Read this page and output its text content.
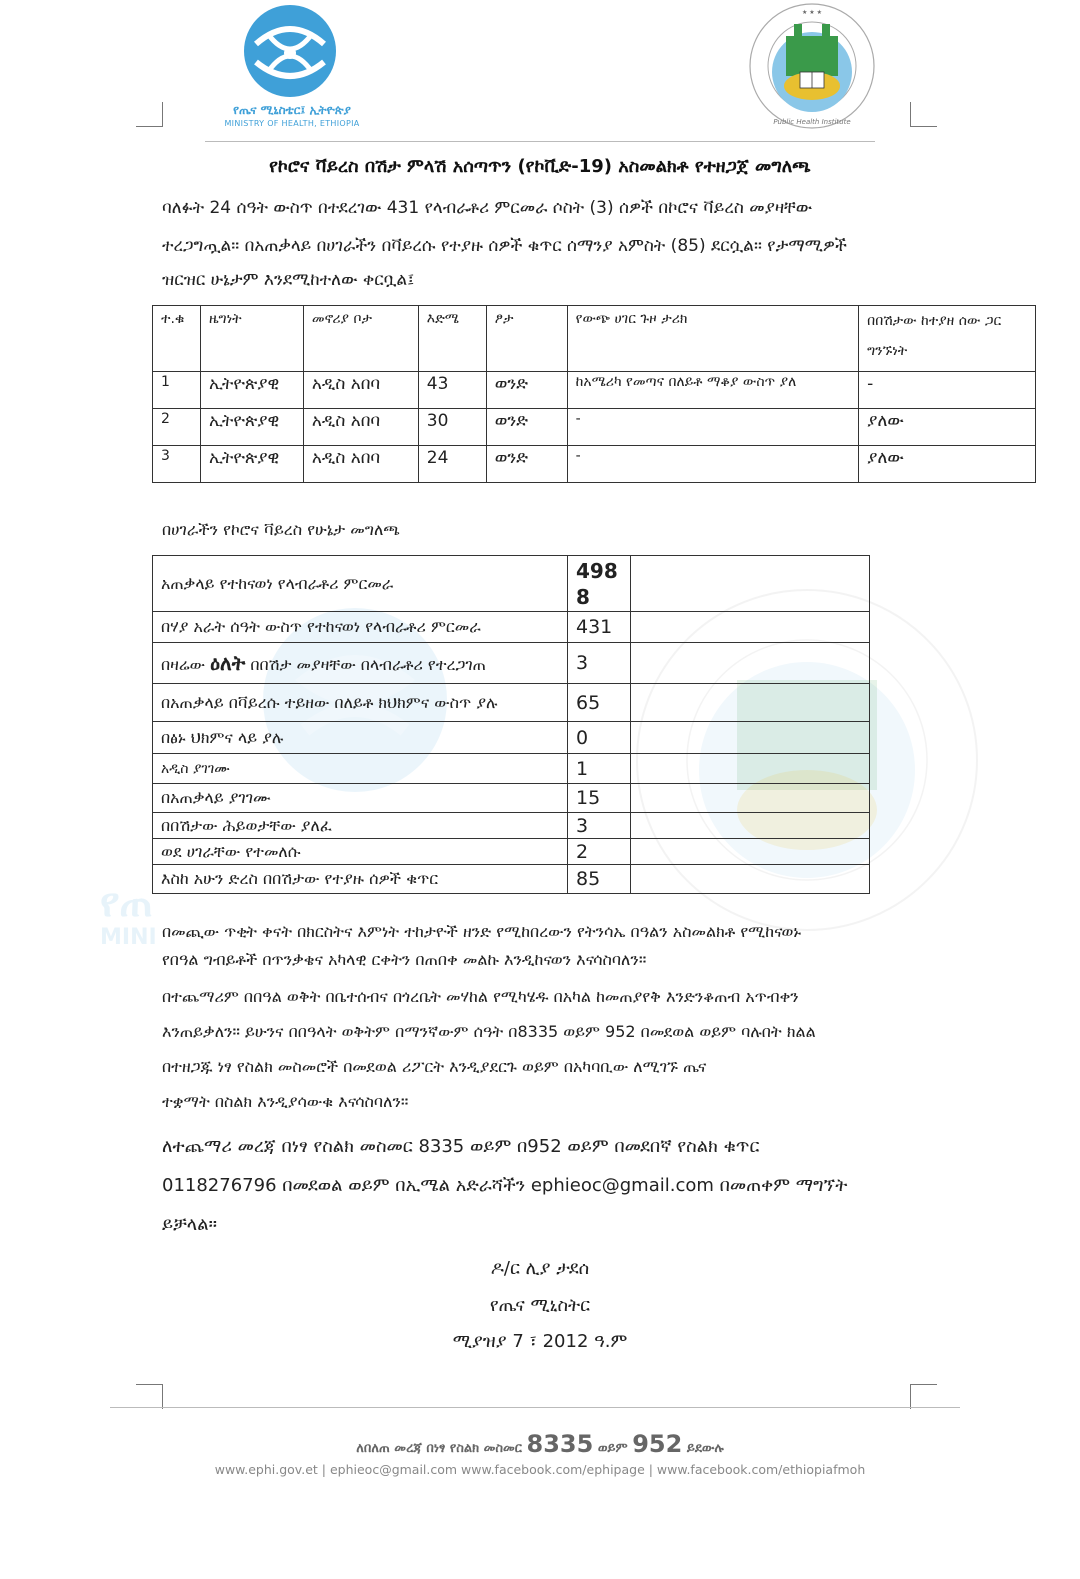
የጠ
MINI
የጤና ሚኒስቴር፤ ኢትዮጵያ
MINISTRY OF HEALTH, ETHIOPIA
★ ★ ★
Public Health Institute
የኮሮና ቫይረስ በሽታ ምላሽ አሰጣጥን (የኮቪድ-19) አስመልክቶ የተዘጋጀ መግለጫ
ባለፉት 24 ሰዓት ውስጥ በተደረገው 431 የላብራቶሪ ምርመራ ሶስት (3) ሰዎች በኮሮና ቫይረስ መያዛቸው
ተረጋግጧል። በአጠቃላይ በሀገራችን በቫይረሱ የተያዙ ሰዎች ቁጥር ሰማንያ አምስት (85) ደርሷል። የታማሚዎች
ዝርዝር ሁኔታም እንደሚከተለው ቀርቧል፤
ተ.ቁ	ዜግነት	መኖሪያ ቦታ	እድሜ	ፆታ	የውጭ ሀገር ጉዞ ታሪክ	በበሽታው ከተያዘ ሰው ጋር ግንኙነት
1	ኢትዮጵያዊ	አዲስ አበባ	43	ወንድ	ከአሜሪካ የመጣና በለይቶ ማቆያ ውስጥ ያለ	-
2	ኢትዮጵያዊ	አዲስ አበባ	30	ወንድ	-	ያለው
3	ኢትዮጵያዊ	አዲስ አበባ	24	ወንድ	-	ያለው
በሀገራችን የኮሮና ቫይረስ የሁኔታ መግለጫ
አጠቃላይ የተከናወነ የላብራቶሪ ምርመራ	498
8	

በሃያ አራት ሰዓት ውስጥ የተከናወነ የላብራቶሪ ምርመራ	431	
በዛሬው ዕለት በበሽታ መያዛቸው በላብራቶሪ የተረጋገጠ	3	
በአጠቃላይ በቫይረሱ ተይዘው በለይቶ ክህክምና ውስጥ ያሉ	65	
በፅኑ ህክምና ላይ ያሉ	0	
አዲስ ያገገሙ	1	
በአጠቃላይ ያገገሙ	15	
በበሽታው ሕይወታቸው ያለፈ	3	
ወደ ሀገራቸው የተመለሱ	2	
እስከ አሁን ድረስ በበሽታው የተያዙ ሰዎች ቁጥር	85	
በመጪው ጥቂት ቀናት በክርስትና እምነት ተከታዮች ዘንድ የሚከበረውን የትንሳኤ በዓልን አስመልክቶ የሚከናወኑ
የበዓል ግብይቶች በጥንቃቄና አካላዊ ርቀትን በጠበቀ መልኩ እንዲከናወን እናሳስባለን።
በተጨማሪም በበዓል ወቅት በቤተሰብና በጎረቤት መሃከል የሚካሄዱ በአካል ከመጠያየቅ እንድንቆጠብ አጥብቀን
እንጠይቃለን። ይሁንና በበዓላት ወቅትም በማንኛውም ሰዓት በ8335 ወይም 952 በመደወል ወይም ባሉበት ክልል
በተዘጋጁ ነፃ የስልክ መስመሮች በመደወል ሪፖርት እንዲያደርጉ ወይም በአካባቢው ለሚገኙ ጤና
ተቋማት በስልክ እንዲያሳውቁ እናሳስባለን።
ለተጨማሪ መረጃ በነፃ የስልክ መስመር 8335 ወይም በ952 ወይም በመደበኛ የስልክ ቁጥር
0118276796 በመደወል ወይም በኢሜል አድራሻችን ephieoc@gmail.com በመጠቀም ማግኘት
ይቻላል።
ዶ/ር ሊያ ታደሰ
የጤና ሚኒስትር
ሚያዝያ 7 ፣ 2012 ዓ.ም
ለበለጠ መረጃ በነፃ የስልክ መስመር 8335 ወይም 952 ይደውሉ
www.ephi.gov.et | ephieoc@gmail.com www.facebook.com/ephipage | www.facebook.com/ethiopiafmoh
